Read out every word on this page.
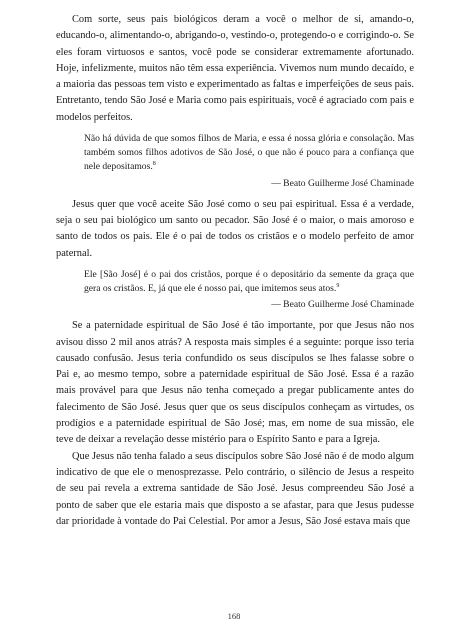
Com sorte, seus pais biológicos deram a você o melhor de si, amando-o, educando-o, alimentando-o, abrigando-o, vestindo-o, protegendo-o e corrigindo-o. Se eles foram virtuosos e santos, você pode se considerar extremamente afortunado. Hoje, infelizmente, muitos não têm essa experiência. Vivemos num mundo decaído, e a maioria das pessoas tem visto e experimentado as faltas e imperfeições de seus pais. Entretanto, tendo São José e Maria como pais espirituais, você é agraciado com pais e modelos perfeitos.

Não há dúvida de que somos filhos de Maria, e essa é nossa glória e consolação. Mas também somos filhos adotivos de São José, o que não é pouco para a confiança que nele depositamos.$^8$

— Beato Guilherme José Chaminade

Jesus quer que você aceite São José como o seu pai espiritual. Essa é a verdade, seja o seu pai biológico um santo ou pecador. São José é o maior, o mais amoroso e santo de todos os pais. Ele é o pai de todos os cristãos e o modelo perfeito de amor paternal.

Ele [São José] é o pai dos cristãos, porque é o depositário da semente da graça que gera os cristãos. E, já que ele é nosso pai, que imitemos seus atos.$^9$

— Beato Guilherme José Chaminade

Se a paternidade espiritual de São José é tão importante, por que Jesus não nos avisou disso 2 mil anos atrás? A resposta mais simples é a seguinte: porque isso teria causado confusão. Jesus teria confundido os seus discípulos se lhes falasse sobre o Pai e, ao mesmo tempo, sobre a paternidade espiritual de São José. Essa é a razão mais provável para que Jesus não tenha começado a pregar publicamente antes do falecimento de São José. Jesus quer que os seus discípulos conheçam as virtudes, os prodígios e a paternidade espiritual de São José; mas, em nome de sua missão, ele teve de deixar a revelação desse mistério para o Espírito Santo e para a Igreja.

Que Jesus não tenha falado a seus discípulos sobre São José não é de modo algum indicativo de que ele o menosprezasse. Pelo contrário, o silêncio de Jesus a respeito de seu pai revela a extrema santidade de São José. Jesus compreendeu São José a ponto de saber que ele estaria mais que disposto a se afastar, para que Jesus pudesse dar prioridade à vontade do Pai Celestial. Por amor a Jesus, São José estava mais que

168
